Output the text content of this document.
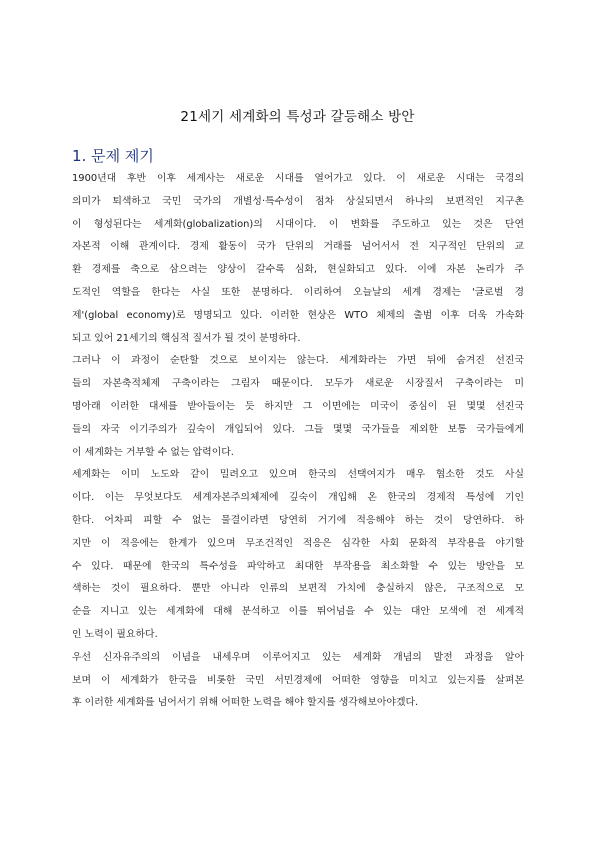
21세기 세계화의 특성과 갈등해소 방안
1. 문제 제기
1900년대 후반 이후 세계사는 새로운 시대를 열어가고 있다. 이 새로운 시대는 국경의
의미가 퇴색하고 국민 국가의 개별성·특수성이 점차 상실되면서 하나의 보편적인 지구촌
이 형성된다는 세계화(globalization)의 시대이다. 이 변화를 주도하고 있는 것은 단연
자본적 이해 관계이다. 경제 활동이 국가 단위의 거래를 넘어서서 전 지구적인 단위의 교
환 경제를 축으로 삼으려는 양상이 갈수록 심화, 현실화되고 있다. 이에 자본 논리가 주
도적인 역할을 한다는 사실 또한 분명하다. 이리하여 오늘날의 세계 경제는 '글로벌 경
제'(global economy)로 명명되고 있다. 이러한 현상은 WTO 체제의 출범 이후 더욱 가속화
되고 있어 21세기의 핵심적 질서가 될 것이 분명하다.
그러나 이 과정이 순탄할 것으로 보이지는 않는다. 세계화라는 가면 뒤에 숨겨진 선진국
들의 자본축적체제 구축이라는 그림자 때문이다. 모두가 새로운 시장질서 구축이라는 미
명아래 이러한 대세를 받아들이는 듯 하지만 그 이면에는 미국이 중심이 된 몇몇 선진국
들의 자국 이기주의가 깊숙이 개입되어 있다. 그들 몇몇 국가들을 제외한 보통 국가들에게
이 세계화는 거부할 수 없는 압력이다.
세계화는 이미 노도와 같이 밀려오고 있으며 한국의 선택여지가 매우 협소한 것도 사실
이다. 이는 무엇보다도 세계자본주의체제에 깊숙이 개입해 온 한국의 경제적 특성에 기인
한다. 어차피 피할 수 없는 물결이라면 당연히 거기에 적응해야 하는 것이 당연하다. 하
지만 이 적응에는 한계가 있으며 무조건적인 적응은 심각한 사회 문화적 부작용을 야기할
수 있다. 때문에 한국의 특수성을 파악하고 최대한 부작용을 최소화할 수 있는 방안을 모
색하는 것이 필요하다. 뿐만 아니라 인류의 보편적 가치에 충실하지 않은, 구조적으로 모
순을 지니고 있는 세계화에 대해 분석하고 이를 뛰어넘을 수 있는 대안 모색에 전 세계적
인 노력이 필요하다.
우선 신자유주의의 이념을 내세우며 이루어지고 있는 세계화 개념의 발전 과정을 알아
보며 이 세계화가 한국을 비롯한 국민 서민경제에 어떠한 영향을 미치고 있는지를 살펴본
후 이러한 세계화를 넘어서기 위해 어떠한 노력을 해야 할지를 생각해보아야겠다.
